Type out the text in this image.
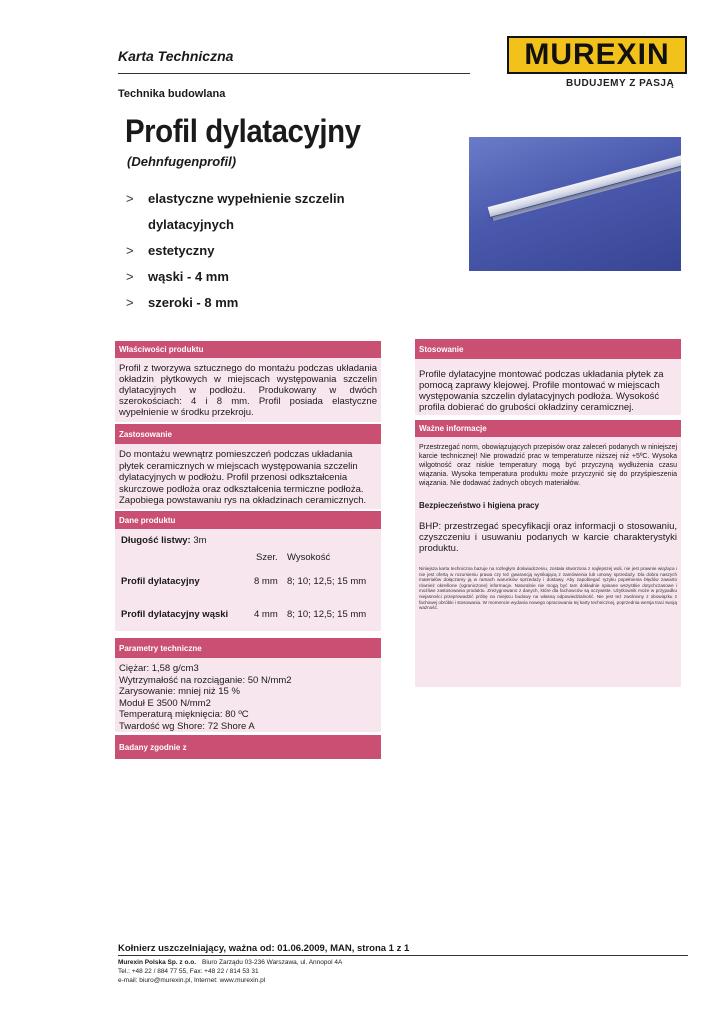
Karta Techniczna
Technika budowlana
MUREXIN
BUDUJEMY Z PASJĄ
Profil dylatacyjny
(Dehnfugenprofil)
>	elastyczne wypełnienie szczelin dylatacyjnych
>	estetyczny
>	wąski - 4 mm
>	szeroki - 8 mm
Właściwości produktu
Profil z tworzywa sztucznego do montażu podczas układania okładzin płytkowych w miejscach występowania szczelin dylatacyjnych w podłożu. Produkowany w dwóch szerokościach: 4 i 8 mm. Profil posiada elastyczne wypełnienie w środku przekroju.
Zastosowanie
Do montażu wewnątrz pomieszczeń podczas układania płytek ceramicznych w miejscach występowania szczelin dylatacyjnych w podłożu. Profil przenosi odkształcenia skurczowe podłoża oraz odkształcenia termiczne podłoża. Zapobiega powstawaniu rys na okładzinach ceramicznych.
Dane produktu
Długość listwy: 3m
Szer. Wysokość
Profil dylatacyjny	8 mm 8; 10; 12,5; 15 mm
Profil dylatacyjny wąski	4 mm 8; 10; 12,5; 15 mm
Parametry techniczne
Ciężar: 1,58 g/cm3
Wytrzymałość na rozciąganie: 50 N/mm2
Zarysowanie: mniej niż 15 %
Moduł E 3500 N/mm2
Temperaturą mięknięcia: 80 ºC
Twardość wg Shore: 72 Shore A
Badany zgodnie z
Stosowanie
Profile dylatacyjne montować podczas układania płytek za pomocą zaprawy klejowej. Profile montować w miejscach występowania szczelin dylatacyjnych podłoża. Wysokość profila dobierać do grubości okładziny ceramicznej.
Ważne informacje
Przestrzegać norm, obowiązujących przepisów oraz zaleceń podanych w niniejszej karcie technicznej! Nie prowadzić prac w temperaturze niższej niż +5ºC. Wysoka wilgotność oraz niskie temperatury mogą być przyczyną wydłużenia czasu wiązania. Wysoka temperatura produktu może przyczynić się do przyśpieszenia wiązania. Nie dodawać żadnych obcych materiałów.
Bezpieczeństwo i higiena pracy
BHP: przestrzegać specyfikacji oraz informacji o stosowaniu, czyszczeniu i usuwaniu podanych w karcie charakterystyki produktu.
Niniejsza karta techniczna bazuje na rozległym doświadczeniu, została stworzona z najlepszej woli, nie jest prawnie wiążąca i nie jest ofertą w rozumieniu prawa czy też gwarancją wynikającą z zamówienia lub umowy sprzedaży. Dla dobra naszych materiałów dołączamy ją w ramach warunków sprzedaży i dostawy. Aby zapobiegać ryzyku popełnienia błędów zawarto również określone (ograniczone) informacje. Naturalnie nie mogą być tam dokładnie opisane wszystkie dotychczasowe i możliwe zastosowania produktu. Zrezygnowano z danych, które dla fachowców są oczywiste. Użytkownik może w przypadku niejasności przeprowadzić próbę na miejscu budowy na własną odpowiedzialność. Nie jest też zwolniony z obowiązku z fachowej obróbki i stosowania. W momencie wydania nowego opracowania tej karty technicznej, poprzednia wersja traci swoją ważność.
Kołnierz uszczelniający, ważna od: 01.06.2009, MAN, strona 1 z 1
Murexin Polska Sp. z o.o. Biuro Zarządu 03-236 Warszawa, ul. Annopol 4A
Tel.: +48 22 / 884 77 55, Fax: +48 22 / 814 53 31
e-mail: biuro@murexin.pl, Internet: www.murexin.pl
